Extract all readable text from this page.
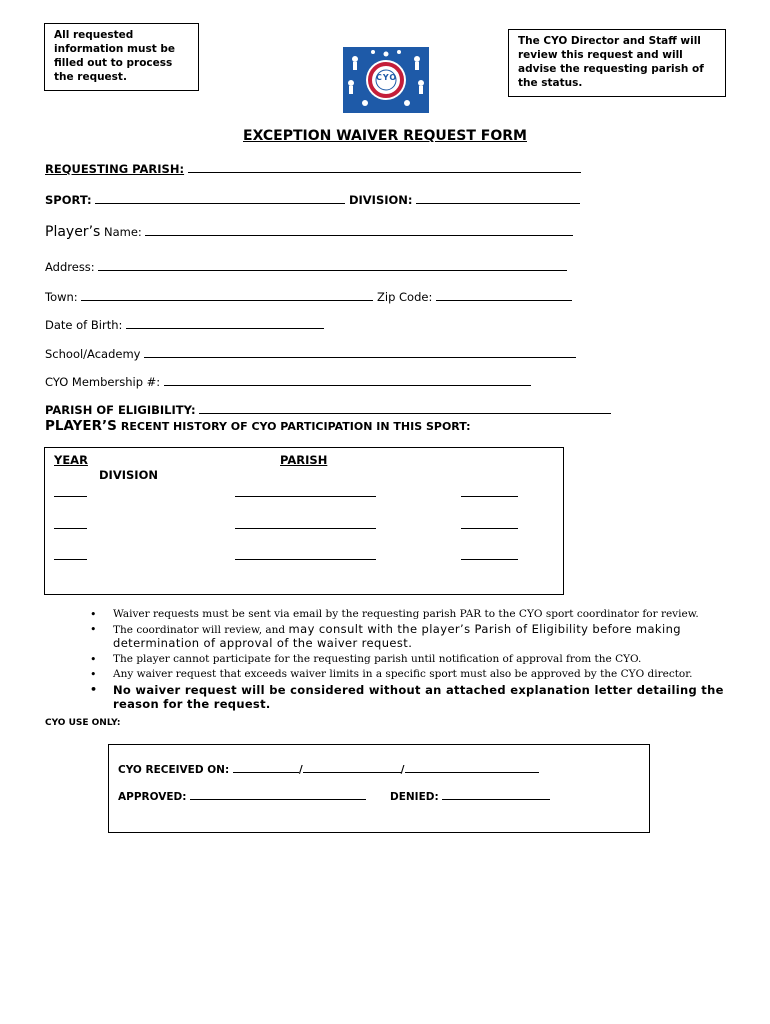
All requested information must be filled out to process the request.
The CYO Director and Staff will review this request and will advise the requesting parish of the status.
CYO
EXCEPTION WAIVER REQUEST FORM
REQUESTING PARISH:
SPORT:	DIVISION:
Player’s Name:
Address:
Town:	Zip Code:
Date of Birth:
School/Academy
CYO Membership #:
PARISH OF ELIGIBILITY:
PLAYER’S RECENT HISTORY OF CYO PARTICIPATION IN THIS SPORT:
YEAR	PARISH
DIVISION
• Waiver requests must be sent via email by the requesting parish PAR to the CYO sport coordinator for review.
• The coordinator will review, and may consult with the player’s Parish of Eligibility before making determination of approval of the waiver request.
• The player cannot participate for the requesting parish until notification of approval from the CYO.
• Any waiver request that exceeds waiver limits in a specific sport must also be approved by the CYO director.
• No waiver request will be considered without an attached explanation letter detailing the reason for the request.
CYO USE ONLY:
CYO RECEIVED ON:	/	/
APPROVED:	DENIED:
